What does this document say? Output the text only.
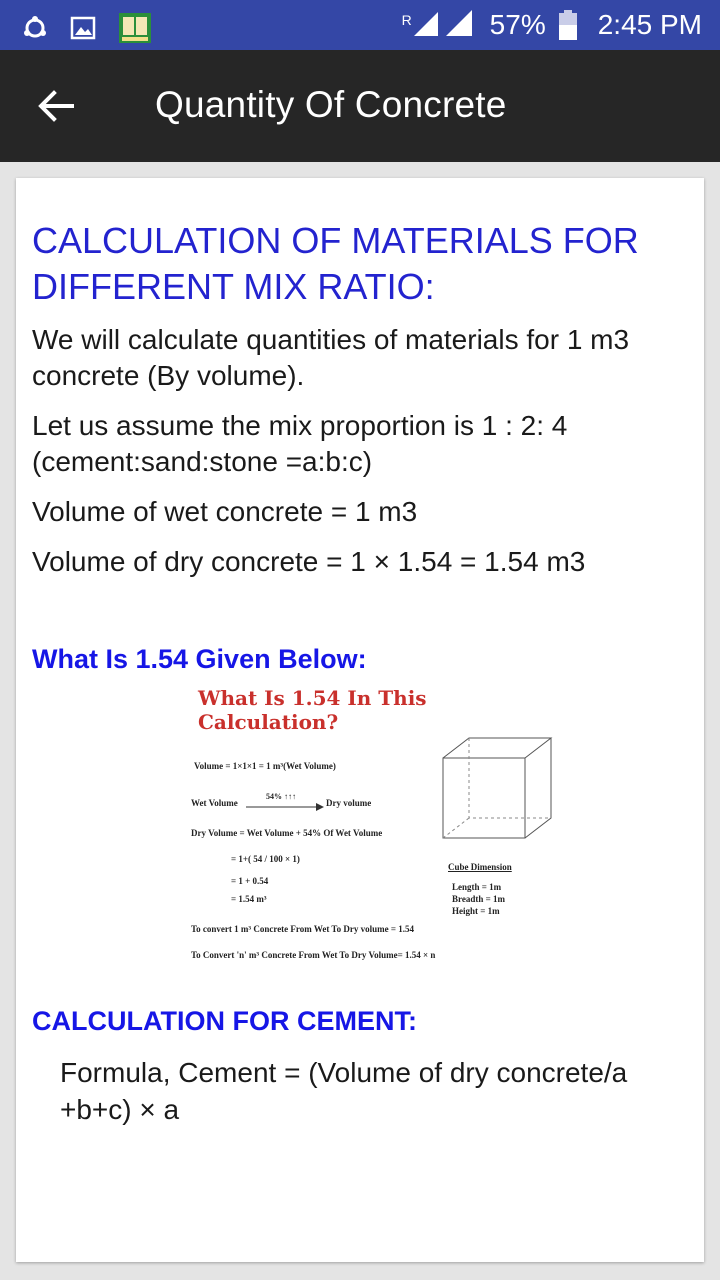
R	57% 2:45 PM
Quantity Of Concrete
CALCULATION OF MATERIALS FOR DIFFERENT MIX RATIO:

We will calculate quantities of materials for 1 m3 concrete (By volume).

Let us assume the mix proportion is 1 : 2: 4 (cement:sand:stone =a:b:c)

Volume of wet concrete = 1 m3

Volume of dry concrete = 1 × 1.54 = 1.54 m3

What Is 1.54 Given Below:
What Is 1.54 In This Calculation?
Volume = 1×1×1 = 1 m³(Wet Volume)
Wet Volume
54% ↑↑↑
Dry volume
Dry Volume = Wet Volume + 54% Of Wet Volume
= 1+( 54 / 100 × 1)
= 1 + 0.54
= 1.54 m³
To convert 1 m³ Concrete From Wet To Dry volume = 1.54
To Convert 'n' m³ Concrete From Wet To Dry Volume= 1.54 × n
Cube Dimension
Length = 1m
Breadth = 1m
Height = 1m
CALCULATION FOR CEMENT:
Formula, Cement = (Volume of dry concrete/a +b+c) × a
